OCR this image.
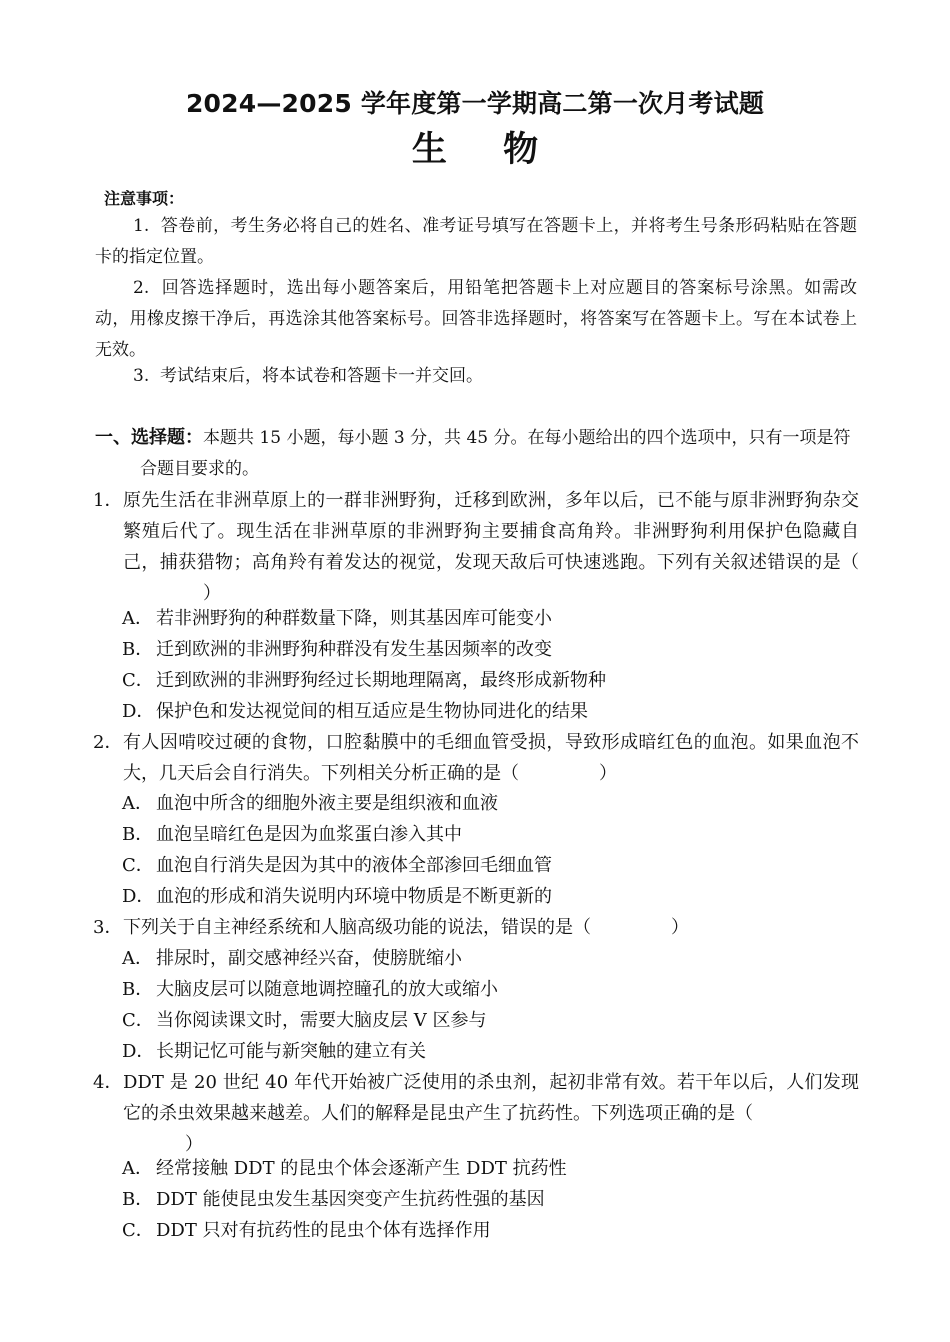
2024—2025 学年度第一学期高二第一次月考试题
生 物
注意事项：
1. 答卷前，考生务必将自己的姓名、准考证号填写在答题卡上，并将考生号条形码粘贴在答题卡的指定位置。
2. 回答选择题时，选出每小题答案后，用铅笔把答题卡上对应题目的答案标号涂黑。如需改动，用橡皮擦干净后，再选涂其他答案标号。回答非选择题时，将答案写在答题卡上。写在本试卷上无效。
3. 考试结束后，将本试卷和答题卡一并交回。
一、选择题：本题共 15 小题，每小题 3 分，共 45 分。在每小题给出的四个选项中，只有一项是符合题目要求的。
1． 原先生活在非洲草原上的一群非洲野狗，迁移到欧洲，多年以后，已不能与原非洲野狗杂交繁殖后代了。现生活在非洲草原的非洲野狗主要捕食高角羚。非洲野狗利用保护色隐藏自己，捕获猎物；高角羚有着发达的视觉，发现天敌后可快速逃跑。下列有关叙述错误的是（）
A． 若非洲野狗的种群数量下降，则其基因库可能变小
B． 迁到欧洲的非洲野狗种群没有发生基因频率的改变
C． 迁到欧洲的非洲野狗经过长期地理隔离，最终形成新物种
D．保护色和发达视觉间的相互适应是生物协同进化的结果
2． 有人因啃咬过硬的食物，口腔黏膜中的毛细血管受损，导致形成暗红色的血泡。如果血泡不大，几天后会自行消失。下列相关分析正确的是（	）
A． 血泡中所含的细胞外液主要是组织液和血液
B． 血泡呈暗红色是因为血浆蛋白渗入其中
C． 血泡自行消失是因为其中的液体全部渗回毛细血管
D．血泡的形成和消失说明内环境中物质是不断更新的
3． 下列关于自主神经系统和人脑高级功能的说法，错误的是（	）
A． 排尿时，副交感神经兴奋，使膀胱缩小
B． 大脑皮层可以随意地调控瞳孔的放大或缩小
C． 当你阅读课文时，需要大脑皮层 V 区参与
D．长期记忆可能与新突触的建立有关
4． DDT 是 20 世纪 40 年代开始被广泛使用的杀虫剂，起初非常有效。若干年以后，人们发现它的杀虫效果越来越差。人们的解释是昆虫产生了抗药性。下列选项正确的是（
）
A． 经常接触 DDT 的昆虫个体会逐渐产生 DDT 抗药性
B． DDT 能使昆虫发生基因突变产生抗药性强的基因
C． DDT 只对有抗药性的昆虫个体有选择作用
